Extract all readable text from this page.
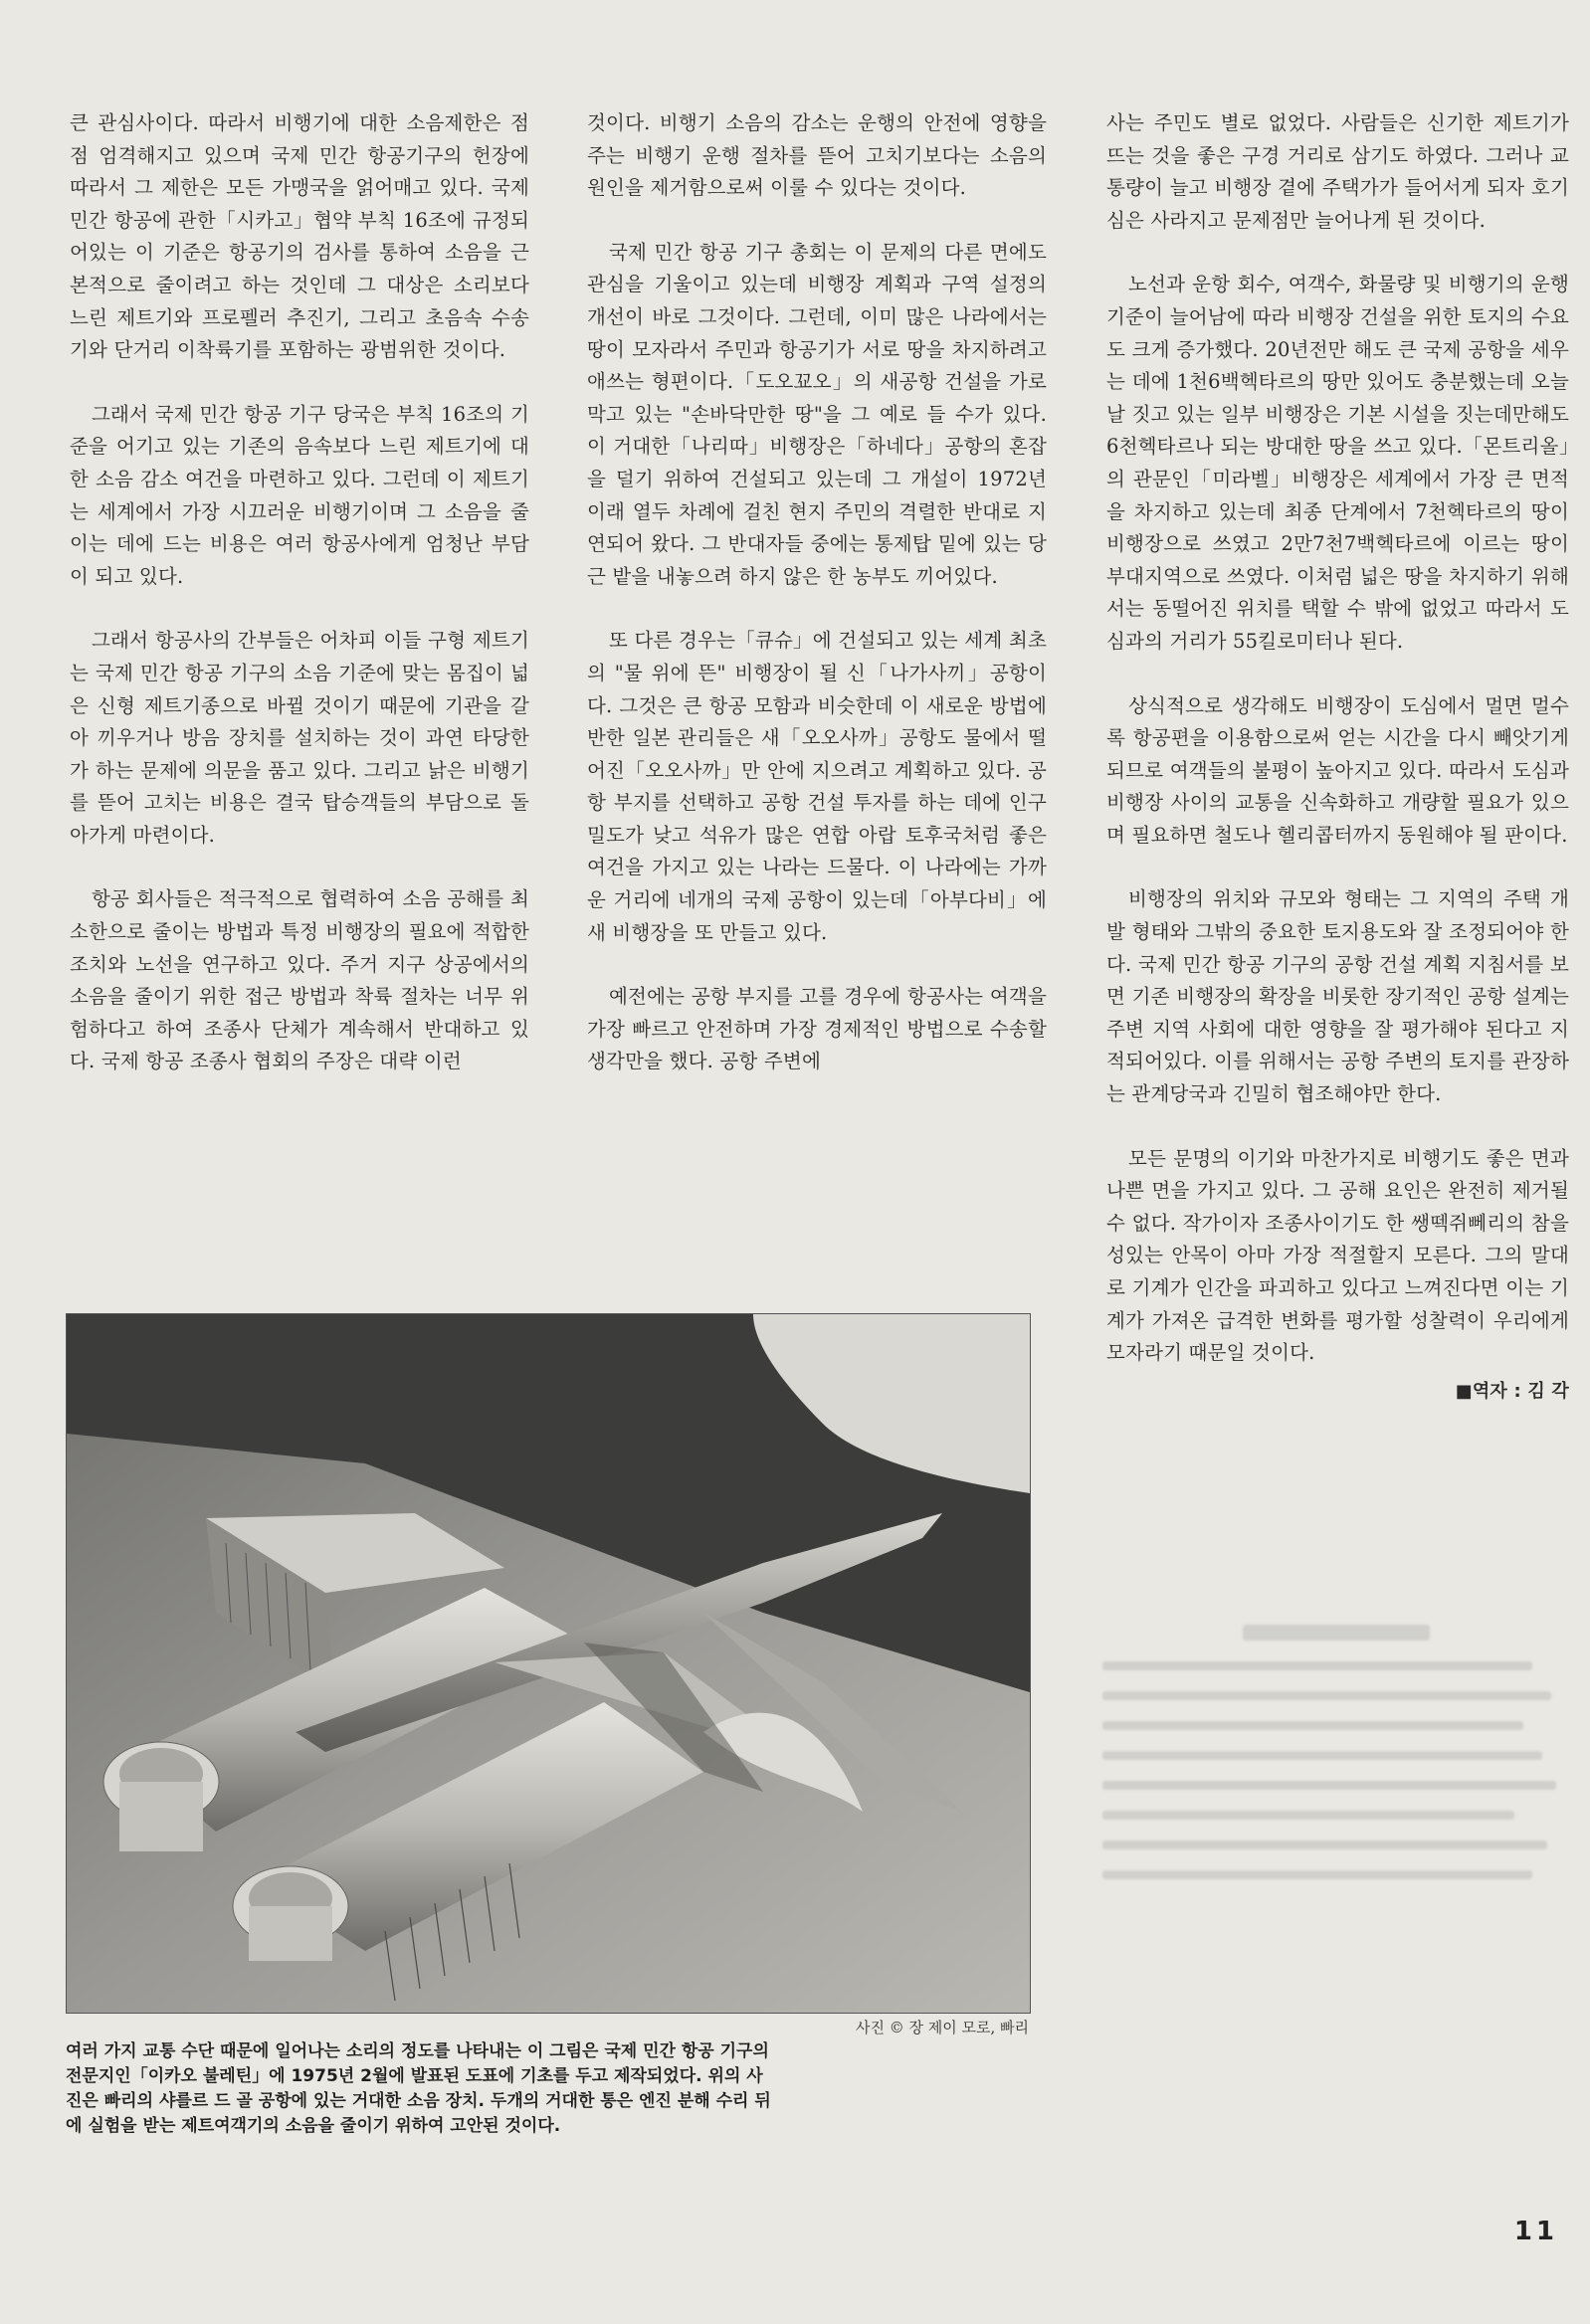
큰 관심사이다. 따라서 비행기에 대한 소음제한은 점점 엄격해지고 있으며 국제 민간 항공기구의 헌장에 따라서 그 제한은 모든 가맹국을 얽어매고 있다. 국제 민간 항공에 관한「시카고」협약 부칙 16조에 규정되어있는 이 기준은 항공기의 검사를 통하여 소음을 근본적으로 줄이려고 하는 것인데 그 대상은 소리보다 느린 제트기와 프로펠러 추진기, 그리고 초음속 수송기와 단거리 이착륙기를 포함하는 광범위한 것이다.

그래서 국제 민간 항공 기구 당국은 부칙 16조의 기준을 어기고 있는 기존의 음속보다 느린 제트기에 대한 소음 감소 여건을 마련하고 있다. 그런데 이 제트기는 세계에서 가장 시끄러운 비행기이며 그 소음을 줄이는 데에 드는 비용은 여러 항공사에게 엄청난 부담이 되고 있다.

그래서 항공사의 간부들은 어차피 이들 구형 제트기는 국제 민간 항공 기구의 소음 기준에 맞는 몸집이 넓은 신형 제트기종으로 바뀔 것이기 때문에 기관을 갈아 끼우거나 방음 장치를 설치하는 것이 과연 타당한가 하는 문제에 의문을 품고 있다. 그리고 낡은 비행기를 뜯어 고치는 비용은 결국 탑승객들의 부담으로 돌아가게 마련이다.

항공 회사들은 적극적으로 협력하여 소음 공해를 최소한으로 줄이는 방법과 특정 비행장의 필요에 적합한 조치와 노선을 연구하고 있다. 주거 지구 상공에서의 소음을 줄이기 위한 접근 방법과 착륙 절차는 너무 위험하다고 하여 조종사 단체가 계속해서 반대하고 있다. 국제 항공 조종사 협회의 주장은 대략 이런

것이다. 비행기 소음의 감소는 운행의 안전에 영향을 주는 비행기 운행 절차를 뜯어 고치기보다는 소음의 원인을 제거함으로써 이룰 수 있다는 것이다.

국제 민간 항공 기구 총회는 이 문제의 다른 면에도 관심을 기울이고 있는데 비행장 계획과 구역 설정의 개선이 바로 그것이다. 그런데, 이미 많은 나라에서는 땅이 모자라서 주민과 항공기가 서로 땅을 차지하려고 애쓰는 형편이다.「도오꾜오」의 새공항 건설을 가로막고 있는 "손바닥만한 땅"을 그 예로 들 수가 있다. 이 거대한「나리따」비행장은「하네다」공항의 혼잡을 덜기 위하여 건설되고 있는데 그 개설이 1972년 이래 열두 차례에 걸친 현지 주민의 격렬한 반대로 지연되어 왔다. 그 반대자들 중에는 통제탑 밑에 있는 당근 밭을 내놓으려 하지 않은 한 농부도 끼어있다.

또 다른 경우는「큐슈」에 건설되고 있는 세계 최초의 "물 위에 뜬" 비행장이 될 신「나가사끼」공항이다. 그것은 큰 항공 모함과 비슷한데 이 새로운 방법에 반한 일본 관리들은 새「오오사까」공항도 물에서 떨어진「오오사까」만 안에 지으려고 계획하고 있다. 공항 부지를 선택하고 공항 건설 투자를 하는 데에 인구 밀도가 낮고 석유가 많은 연합 아랍 토후국처럼 좋은 여건을 가지고 있는 나라는 드물다. 이 나라에는 가까운 거리에 네개의 국제 공항이 있는데「아부다비」에 새 비행장을 또 만들고 있다.

예전에는 공항 부지를 고를 경우에 항공사는 여객을 가장 빠르고 안전하며 가장 경제적인 방법으로 수송할 생각만을 했다. 공항 주변에

사는 주민도 별로 없었다. 사람들은 신기한 제트기가 뜨는 것을 좋은 구경 거리로 삼기도 하였다. 그러나 교통량이 늘고 비행장 곁에 주택가가 들어서게 되자 호기심은 사라지고 문제점만 늘어나게 된 것이다.

노선과 운항 회수, 여객수, 화물량 및 비행기의 운행 기준이 늘어남에 따라 비행장 건설을 위한 토지의 수요도 크게 증가했다. 20년전만 해도 큰 국제 공항을 세우는 데에 1천6백헥타르의 땅만 있어도 충분했는데 오늘날 짓고 있는 일부 비행장은 기본 시설을 짓는데만해도 6천헥타르나 되는 방대한 땅을 쓰고 있다.「몬트리올」의 관문인「미라벨」비행장은 세계에서 가장 큰 면적을 차지하고 있는데 최종 단계에서 7천헥타르의 땅이 비행장으로 쓰였고 2만7천7백헥타르에 이르는 땅이 부대지역으로 쓰였다. 이처럼 넓은 땅을 차지하기 위해서는 동떨어진 위치를 택할 수 밖에 없었고 따라서 도심과의 거리가 55킬로미터나 된다.

상식적으로 생각해도 비행장이 도심에서 멀면 멀수록 항공편을 이용함으로써 얻는 시간을 다시 빼앗기게 되므로 여객들의 불평이 높아지고 있다. 따라서 도심과 비행장 사이의 교통을 신속화하고 개량할 필요가 있으며 필요하면 철도나 헬리콥터까지 동원해야 될 판이다.

비행장의 위치와 규모와 형태는 그 지역의 주택 개발 형태와 그밖의 중요한 토지용도와 잘 조정되어야 한다. 국제 민간 항공 기구의 공항 건설 계획 지침서를 보면 기존 비행장의 확장을 비롯한 장기적인 공항 설계는 주변 지역 사회에 대한 영향을 잘 평가해야 된다고 지적되어있다. 이를 위해서는 공항 주변의 토지를 관장하는 관계당국과 긴밀히 협조해야만 한다.

모든 문명의 이기와 마찬가지로 비행기도 좋은 면과 나쁜 면을 가지고 있다. 그 공해 요인은 완전히 제거될 수 없다. 작가이자 조종사이기도 한 쌩떽쥐뻬리의 참을성있는 안목이 아마 가장 적절할지 모른다. 그의 말대로 기계가 인간을 파괴하고 있다고 느껴진다면 이는 기계가 가져온 급격한 변화를 평가할 성찰력이 우리에게 모자라기 때문일 것이다.

■역자 : 김 각
사진 © 장 제이 모로, 빠리
여러 가지 교통 수단 때문에 일어나는 소리의 정도를 나타내는 이 그림은 국제 민간 항공 기구의 전문지인「이카오 불레틴」에 1975년 2월에 발표된 도표에 기초를 두고 제작되었다. 위의 사진은 빠리의 샤를르 드 골 공항에 있는 거대한 소음 장치. 두개의 거대한 통은 엔진 분해 수리 뒤에 실험을 받는 제트여객기의 소음을 줄이기 위하여 고안된 것이다.
11
